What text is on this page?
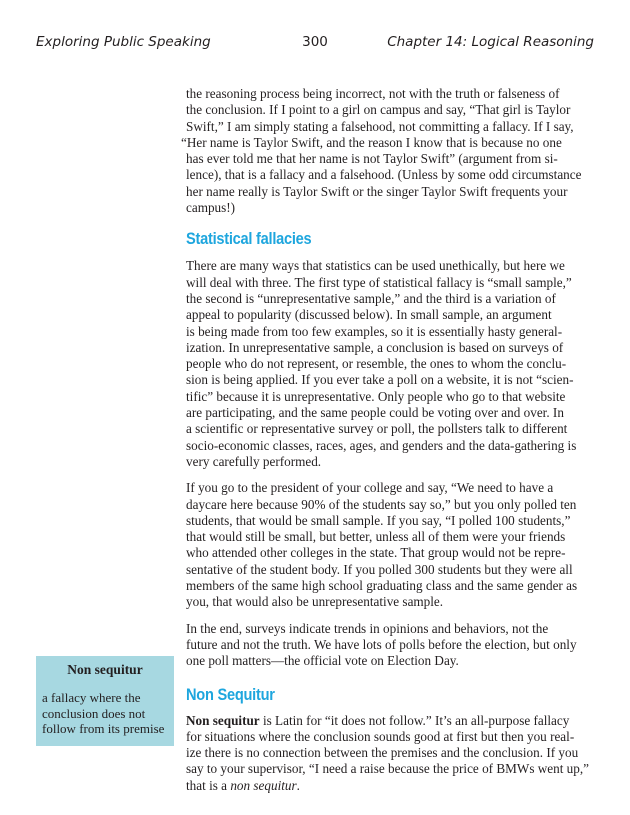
Exploring Public Speaking	300	Chapter 14: Logical Reasoning

the reasoning process being incorrect, not with the truth or falseness of
the conclusion. If I point to a girl on campus and say, “That girl is Taylor
Swift,” I am simply stating a falsehood, not committing a fallacy. If I say,
“Her name is Taylor Swift, and the reason I know that is because no one
has ever told me that her name is not Taylor Swift” (argument from si-
lence), that is a fallacy and a falsehood. (Unless by some odd circumstance
her name really is Taylor Swift or the singer Taylor Swift frequents your
campus!)

Statistical fallacies

There are many ways that statistics can be used unethically, but here we
will deal with three. The first type of statistical fallacy is “small sample,”
the second is “unrepresentative sample,” and the third is a variation of
appeal to popularity (discussed below). In small sample, an argument
is being made from too few examples, so it is essentially hasty general-
ization. In unrepresentative sample, a conclusion is based on surveys of
people who do not represent, or resemble, the ones to whom the conclu-
sion is being applied. If you ever take a poll on a website, it is not “scien-
tific” because it is unrepresentative. Only people who go to that website
are participating, and the same people could be voting over and over. In
a scientific or representative survey or poll, the pollsters talk to different
socio-economic classes, races, ages, and genders and the data-gathering is
very carefully performed.

If you go to the president of your college and say, “We need to have a
daycare here because 90% of the students say so,” but you only polled ten
students, that would be small sample. If you say, “I polled 100 students,”
that would still be small, but better, unless all of them were your friends
who attended other colleges in the state. That group would not be repre-
sentative of the student body. If you polled 300 students but they were all
members of the same high school graduating class and the same gender as
you, that would also be unrepresentative sample.

In the end, surveys indicate trends in opinions and behaviors, not the
future and not the truth. We have lots of polls before the election, but only
one poll matters—the official vote on Election Day.

Non Sequitur

Non sequitur is Latin for “it does not follow.” It’s an all-purpose fallacy
for situations where the conclusion sounds good at first but then you real-
ize there is no connection between the premises and the conclusion. If you
say to your supervisor, “I need a raise because the price of BMWs went up,”
that is a non sequitur.

Non sequitur
a fallacy where the
conclusion does not
follow from its premise
